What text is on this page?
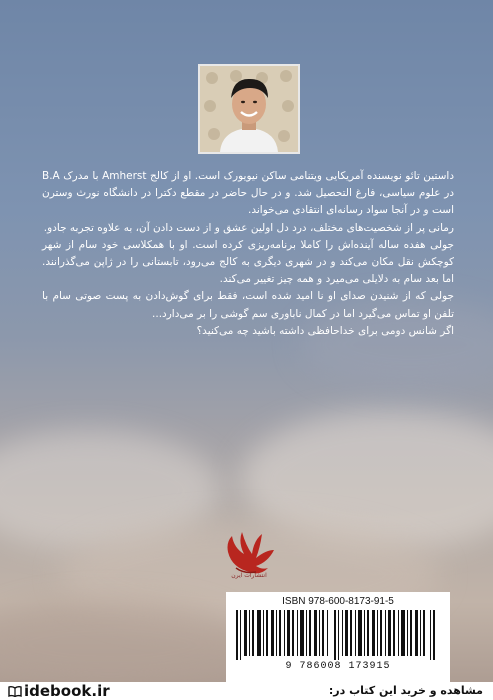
داستین تائو نویسنده آمریکایی ویتنامی ساکن نیویورک است. او از کالج Amherst با مدرک B.A در علوم سیاسی، فارغ التحصیل شد. و در حال حاضر در مقطع دکترا در دانشگاه نورث وسترن است و در آنجا سواد رسانه‌ای انتقادی می‌خواند.

رمانی پر از شخصیت‌های مختلف، درد دل اولین عشق و از دست دادن آن، به علاوه تجربه جادو.

جولی هفده ساله آینده‌اش را کاملا برنامه‌ریزی کرده است. او با همکلاسی خود سام از شهر کوچکش نقل مکان می‌کند و در شهری دیگری به کالج می‌رود، تابستانی را در ژاپن می‌گذرانند. اما بعد سام به دلایلی می‌میرد و همه چیز تغییر می‌کند.

جولی که از شنیدن صدای او نا امید شده است، فقط برای گوش‌دادن به پست صوتی سام با تلفن او تماس می‌گیرد اما در کمال ناباوری سم گوشی را بر می‌دارد...

اگر شانس دومی برای خداحافظی داشته باشید چه می‌کنید؟

انتشارات ایرن
ISBN 978-600-8173-91-5
9 786008 173915
idebook.ir	مشاهده و خرید این کتاب در:
